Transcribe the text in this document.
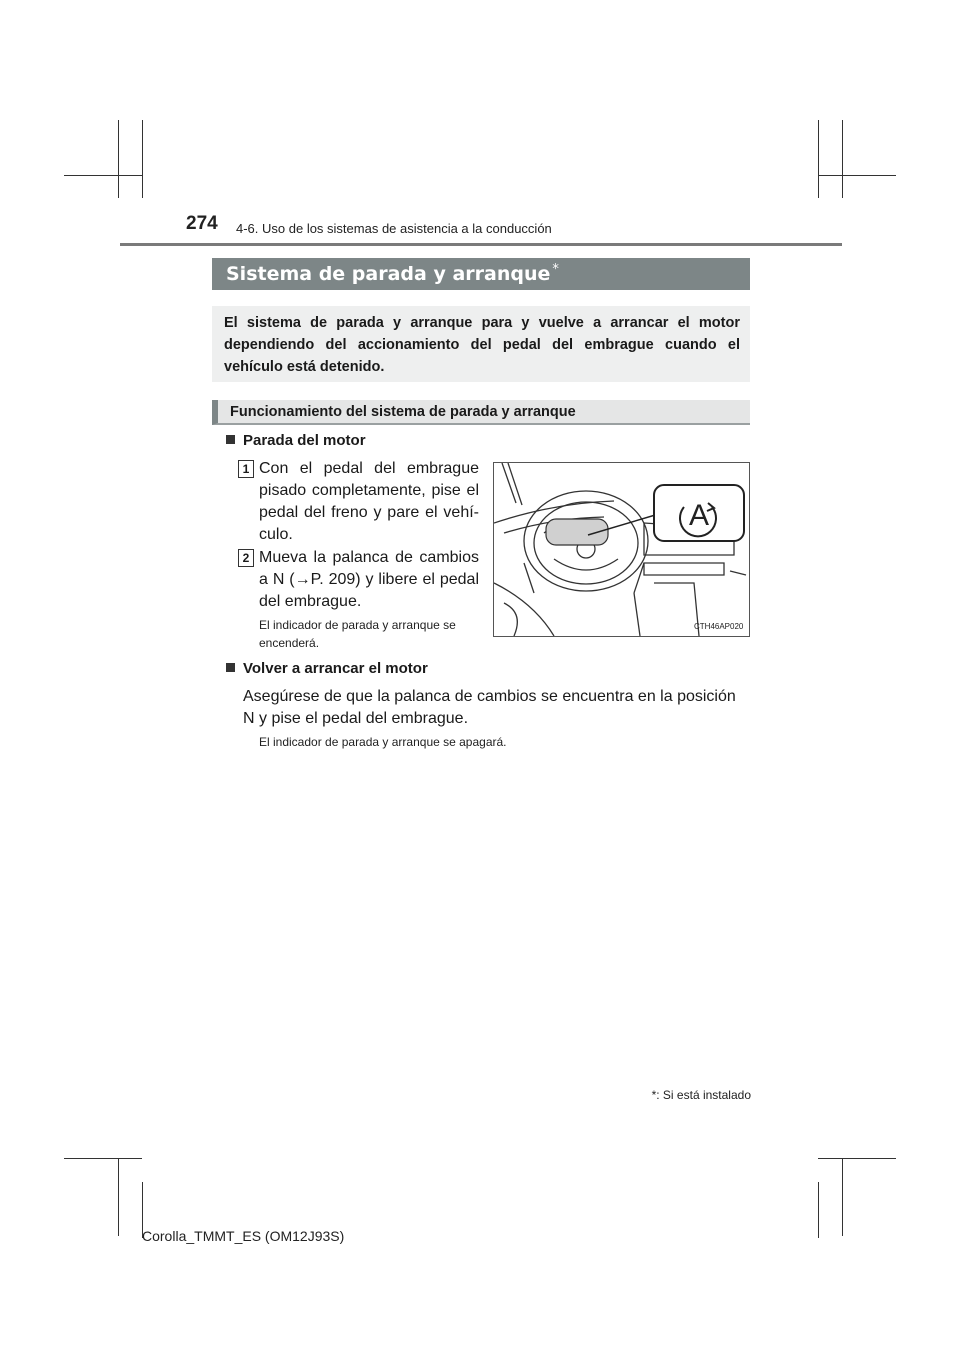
274 4-6. Uso de los sistemas de asistencia a la conducción
Sistema de parada y arranque *
El sistema de parada y arranque para y vuelve a arrancar el motor dependiendo del accionamiento del pedal del embrague cuando el vehículo está detenido.
Funcionamiento del sistema de parada y arranque
Parada del motor
1 Con el pedal del embrague pisado completamente, pise el pedal del freno y pare el vehí-culo.
2 Mueva la palanca de cambios a N (→P. 209) y libere el pedal del embrague.
El indicador de parada y arranque se encenderá.
A
CTH46AP020
Volver a arrancar el motor
Asegúrese de que la palanca de cambios se encuentra en la posición N y pise el pedal del embrague.
El indicador de parada y arranque se apagará.
*: Si está instalado
Corolla_TMMT_ES (OM12J93S)
